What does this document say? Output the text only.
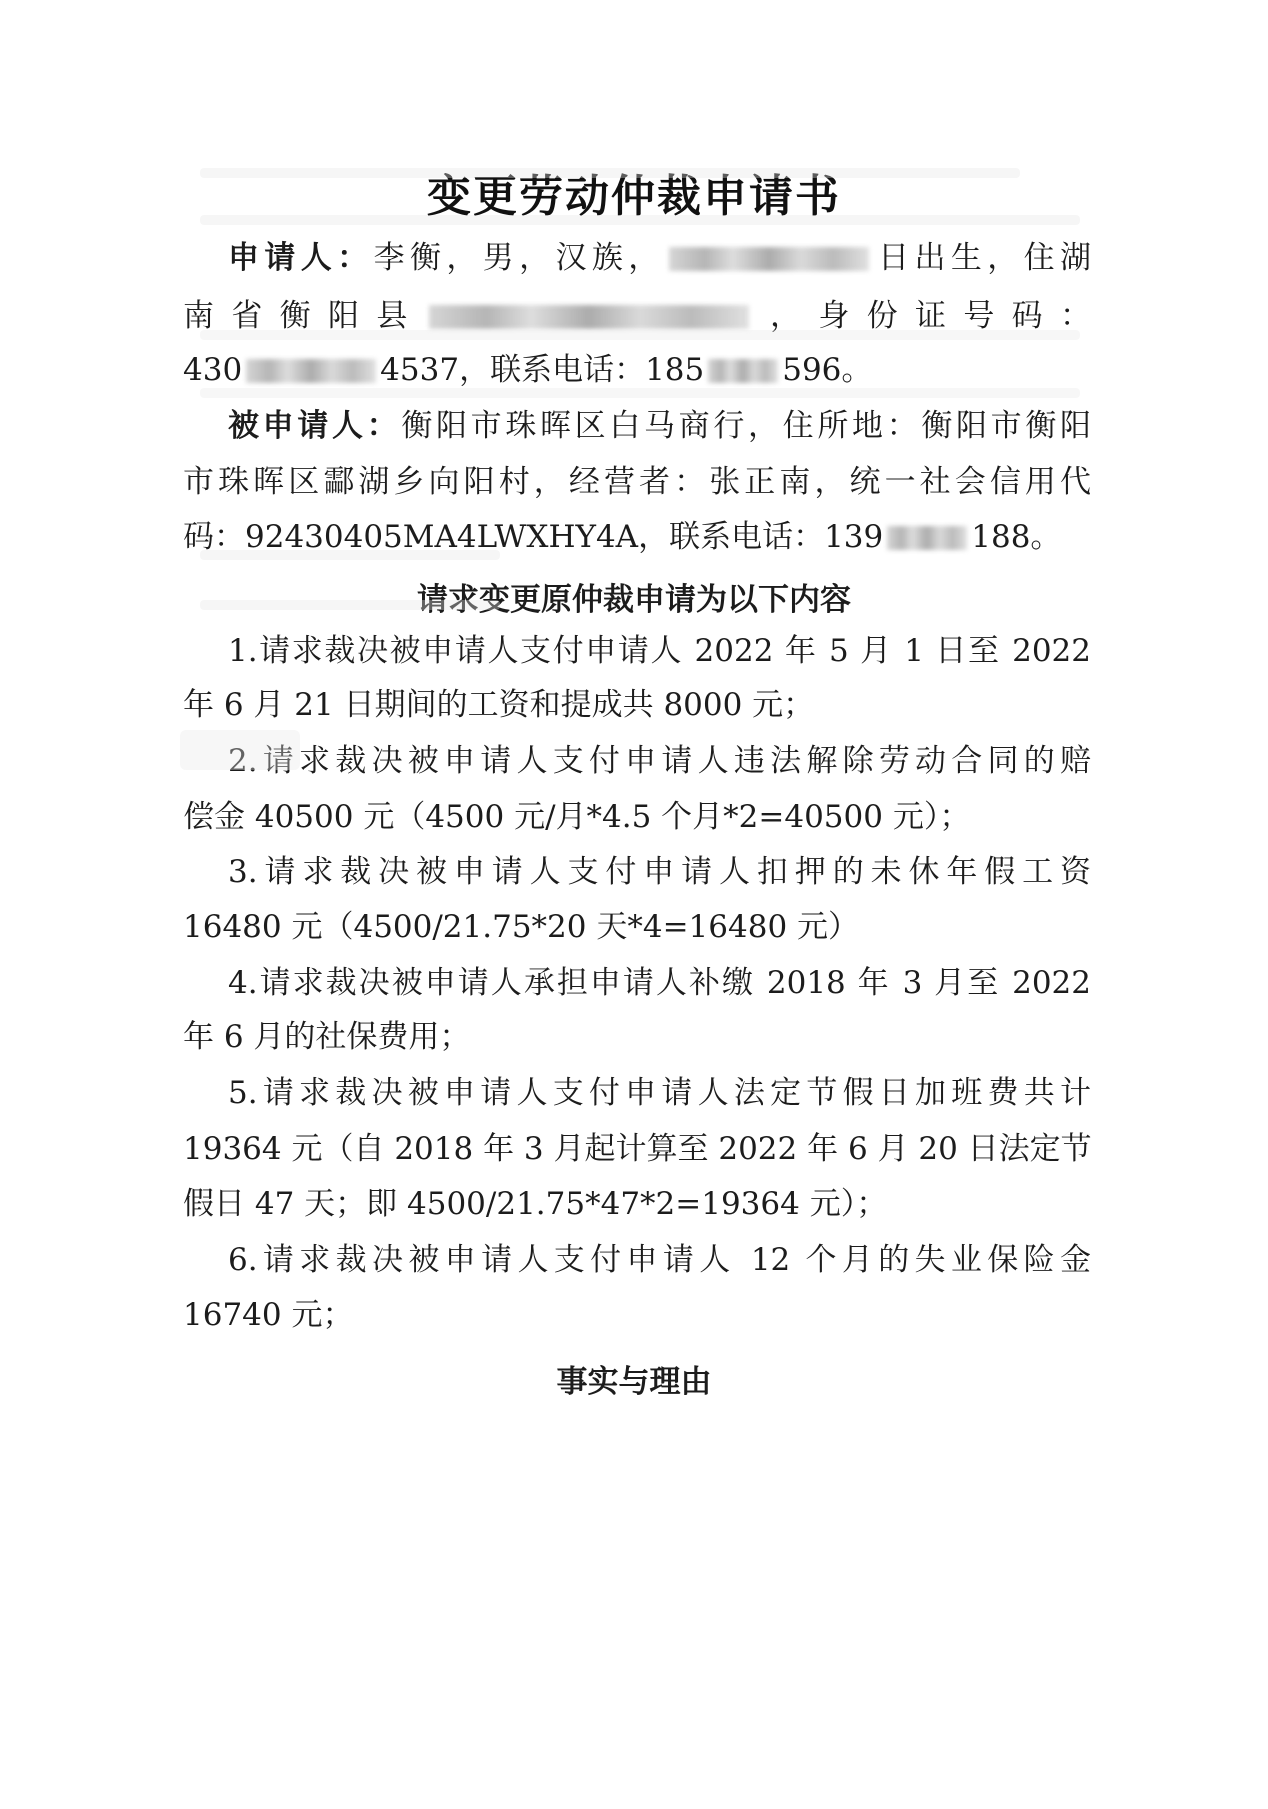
变更劳动仲裁申请书
申请人：李衡，男，汉族，	日出生，住湖
南省衡阳县	，身份证号码：
430	4537，联系电话：185	596。
被申请人：衡阳市珠晖区白马商行，住所地：衡阳市衡阳
市珠晖区酃湖乡向阳村，经营者：张正南，统一社会信用代
码：92430405MA4LWXHY4A，联系电话：139	188。
请求变更原仲裁申请为以下内容
1.请求裁决被申请人支付申请人 2022 年 5 月 1 日至 2022
年 6 月 21 日期间的工资和提成共 8000 元；
2.请求裁决被申请人支付申请人违法解除劳动合同的赔
偿金 40500 元（4500 元/月*4.5 个月*2=40500 元）；
3.请求裁决被申请人支付申请人扣押的未休年假工资
16480 元（4500/21.75*20 天*4=16480 元）
4.请求裁决被申请人承担申请人补缴 2018 年 3 月至 2022
年 6 月的社保费用；
5.请求裁决被申请人支付申请人法定节假日加班费共计
19364 元（自 2018 年 3 月起计算至 2022 年 6 月 20 日法定节
假日 47 天；即 4500/21.75*47*2=19364 元）；
6.请求裁决被申请人支付申请人 12 个月的失业保险金
16740 元；
事实与理由
